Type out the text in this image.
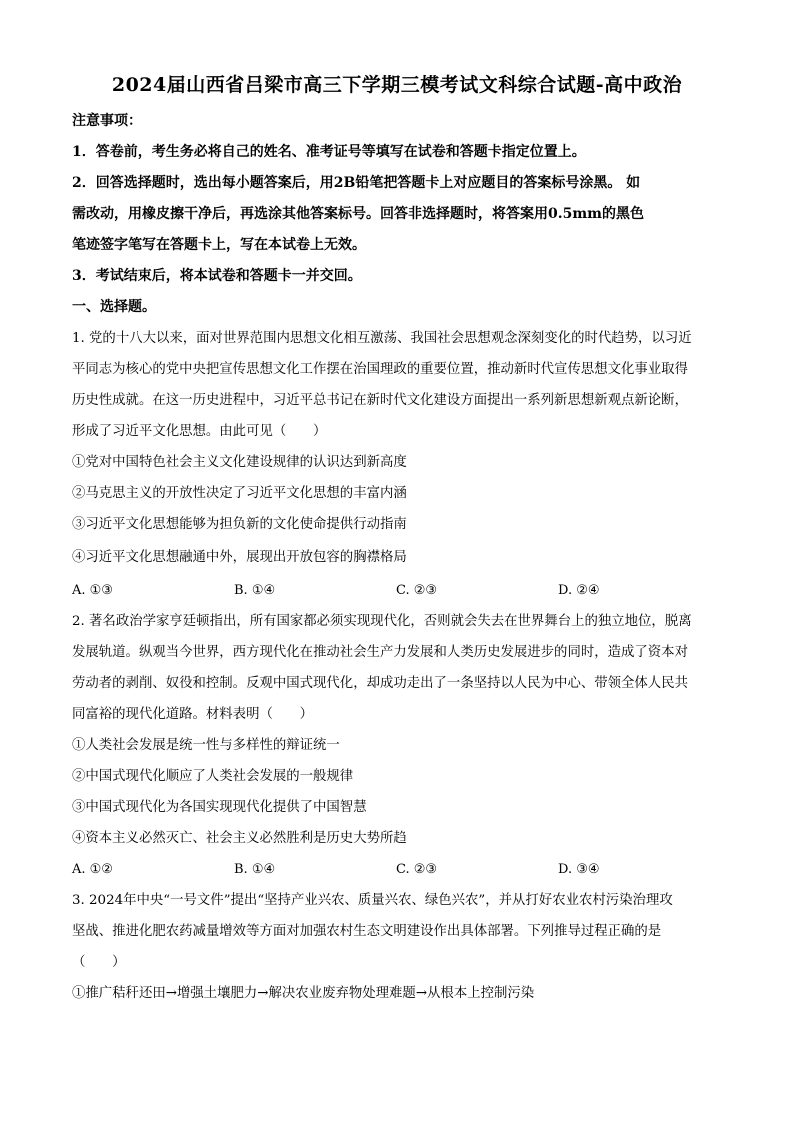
2024届山西省吕梁市高三下学期三模考试文科综合试题-高中政治
注意事项：
1．答卷前，考生务必将自己的姓名、准考证号等填写在试卷和答题卡指定位置上。
2．回答选择题时，选出每小题答案后，用2B铅笔把答题卡上对应题目的答案标号涂黑。 如
需改动，用橡皮擦干净后，再选涂其他答案标号。回答非选择题时，将答案用0.5mm的黑色
笔迹签字笔写在答题卡上，写在本试卷上无效。
3．考试结束后，将本试卷和答题卡一并交回。
一、选择题。
1. 党的十八大以来，面对世界范围内思想文化相互激荡、我国社会思想观念深刻变化的时代趋势，以习近
平同志为核心的党中央把宣传思想文化工作摆在治国理政的重要位置，推动新时代宣传思想文化事业取得
历史性成就。在这一历史进程中，习近平总书记在新时代文化建设方面提出一系列新思想新观点新论断，
形成了习近平文化思想。由此可见（　　）
①党对中国特色社会主义文化建设规律的认识达到新高度
②马克思主义的开放性决定了习近平文化思想的丰富内涵
③习近平文化思想能够为担负新的文化使命提供行动指南
④习近平文化思想融通中外，展现出开放包容的胸襟格局
A. ①③	B. ①④	C. ②③	D. ②④
2. 著名政治学家亨廷顿指出，所有国家都必须实现现代化，否则就会失去在世界舞台上的独立地位，脱离
发展轨道。纵观当今世界，西方现代化在推动社会生产力发展和人类历史发展进步的同时，造成了资本对
劳动者的剥削、奴役和控制。反观中国式现代化，却成功走出了一条坚持以人民为中心、带领全体人民共
同富裕的现代化道路。材料表明（　　）
①人类社会发展是统一性与多样性的辩证统一
②中国式现代化顺应了人类社会发展的一般规律
③中国式现代化为各国实现现代化提供了中国智慧
④资本主义必然灭亡、社会主义必然胜利是历史大势所趋
A. ①②	B. ①④	C. ②③	D. ③④
3. 2024年中央“一号文件”提出“坚持产业兴农、质量兴农、绿色兴农”，并从打好农业农村污染治理攻
坚战、推进化肥农药减量增效等方面对加强农村生态文明建设作出具体部署。下列推导过程正确的是
（　　）
①推广秸秆还田→增强土壤肥力→解决农业废弃物处理难题→从根本上控制污染
